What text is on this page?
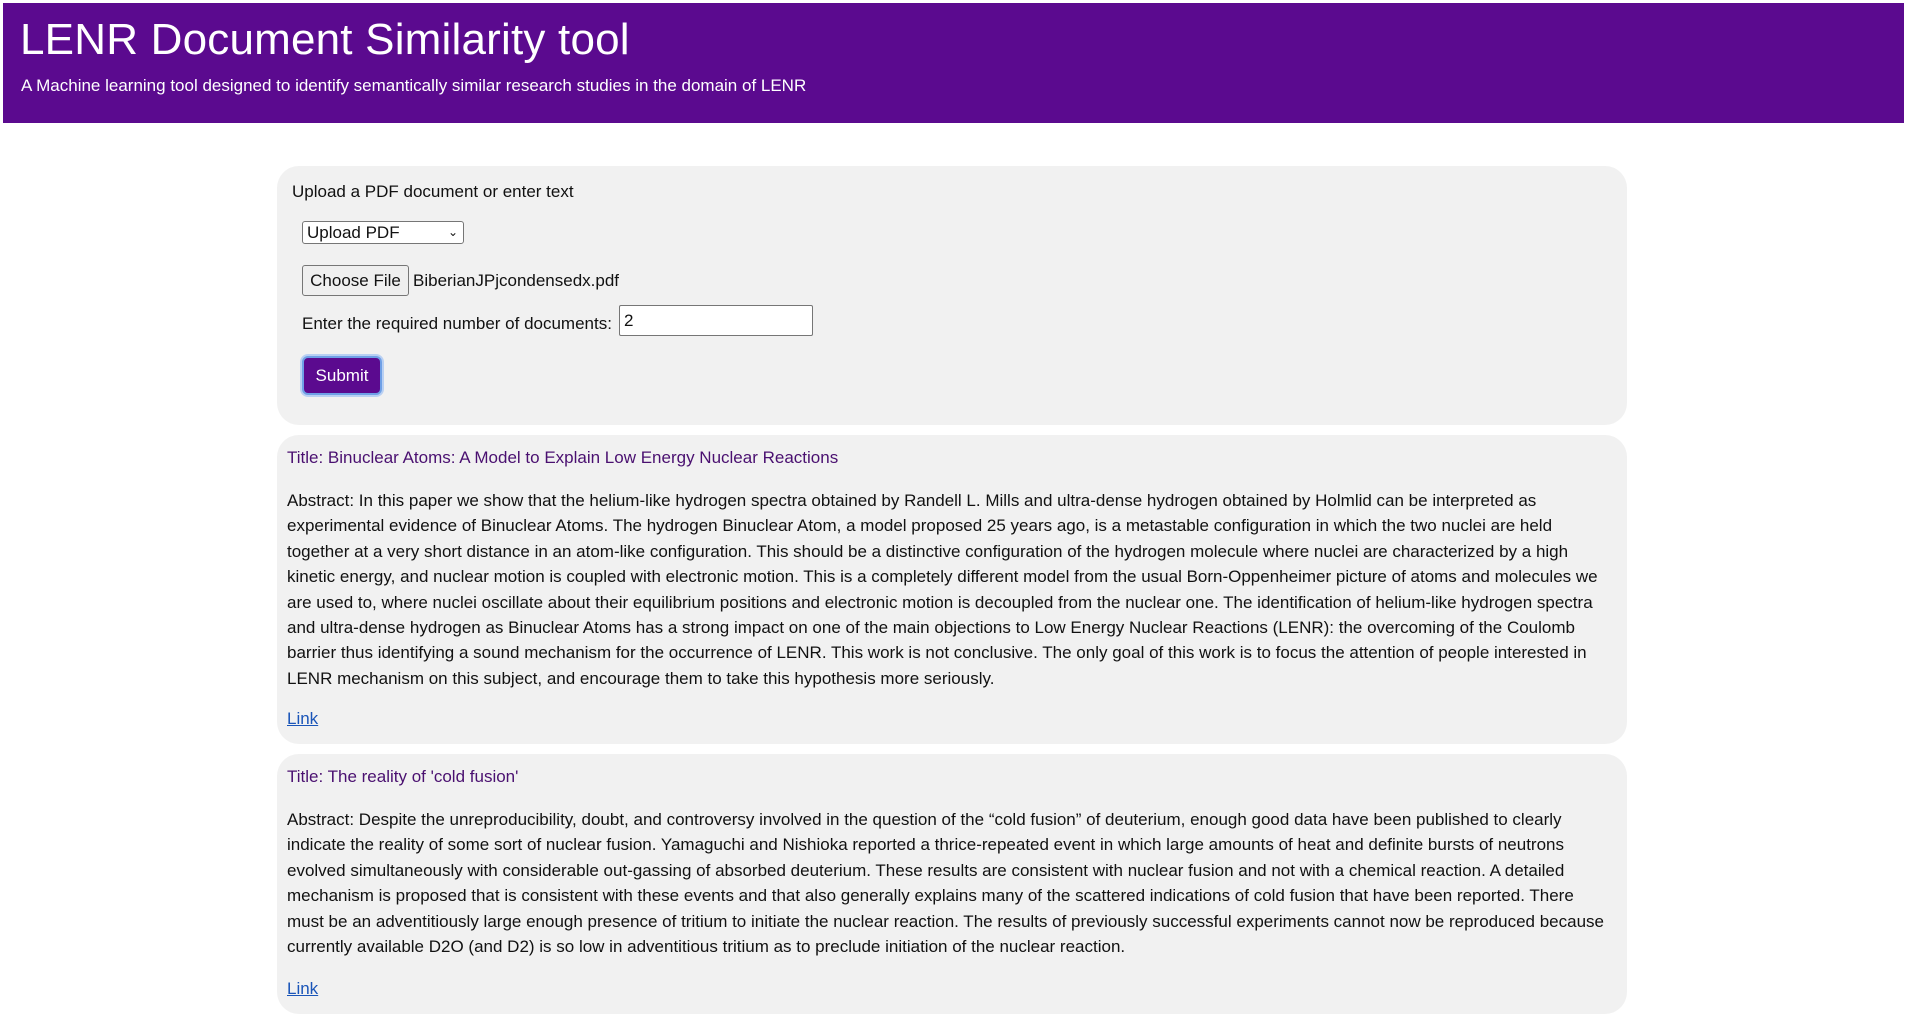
LENR Document Similarity tool

A Machine learning tool designed to identify semantically similar research studies in the domain of LENR

Upload a PDF document or enter text
Upload PDF	⌄
Choose File BiberianJPjcondensedx.pdf
Enter the required number of documents: 2
Submit
Title: Binuclear Atoms: A Model to Explain Low Energy Nuclear Reactions

Abstract: In this paper we show that the helium-like hydrogen spectra obtained by Randell L. Mills and ultra-dense hydrogen obtained by Holmlid can be interpreted as experimental evidence of Binuclear Atoms. The hydrogen Binuclear Atom, a model proposed 25 years ago, is a metastable configuration in which the two nuclei are held together at a very short distance in an atom-like configuration. This should be a distinctive configuration of the hydrogen molecule where nuclei are characterized by a high kinetic energy, and nuclear motion is coupled with electronic motion. This is a completely different model from the usual Born-Oppenheimer picture of atoms and molecules we are used to, where nuclei oscillate about their equilibrium positions and electronic motion is decoupled from the nuclear one. The identification of helium-like hydrogen spectra and ultra-dense hydrogen as Binuclear Atoms has a strong impact on one of the main objections to Low Energy Nuclear Reactions (LENR): the overcoming of the Coulomb barrier thus identifying a sound mechanism for the occurrence of LENR. This work is not conclusive. The only goal of this work is to focus the attention of people interested in LENR mechanism on this subject, and encourage them to take this hypothesis more seriously.

Link
Title: The reality of 'cold fusion'

Abstract: Despite the unreproducibility, doubt, and controversy involved in the question of the “cold fusion” of deuterium, enough good data have been published to clearly indicate the reality of some sort of nuclear fusion. Yamaguchi and Nishioka reported a thrice-repeated event in which large amounts of heat and definite bursts of neutrons evolved simultaneously with considerable out-gassing of absorbed deuterium. These results are consistent with nuclear fusion and not with a chemical reaction. A detailed mechanism is proposed that is consistent with these events and that also generally explains many of the scattered indications of cold fusion that have been reported. There must be an adventitiously large enough presence of tritium to initiate the nuclear reaction. The results of previously successful experiments cannot now be reproduced because currently available D2O (and D2) is so low in adventitious tritium as to preclude initiation of the nuclear reaction.

Link
